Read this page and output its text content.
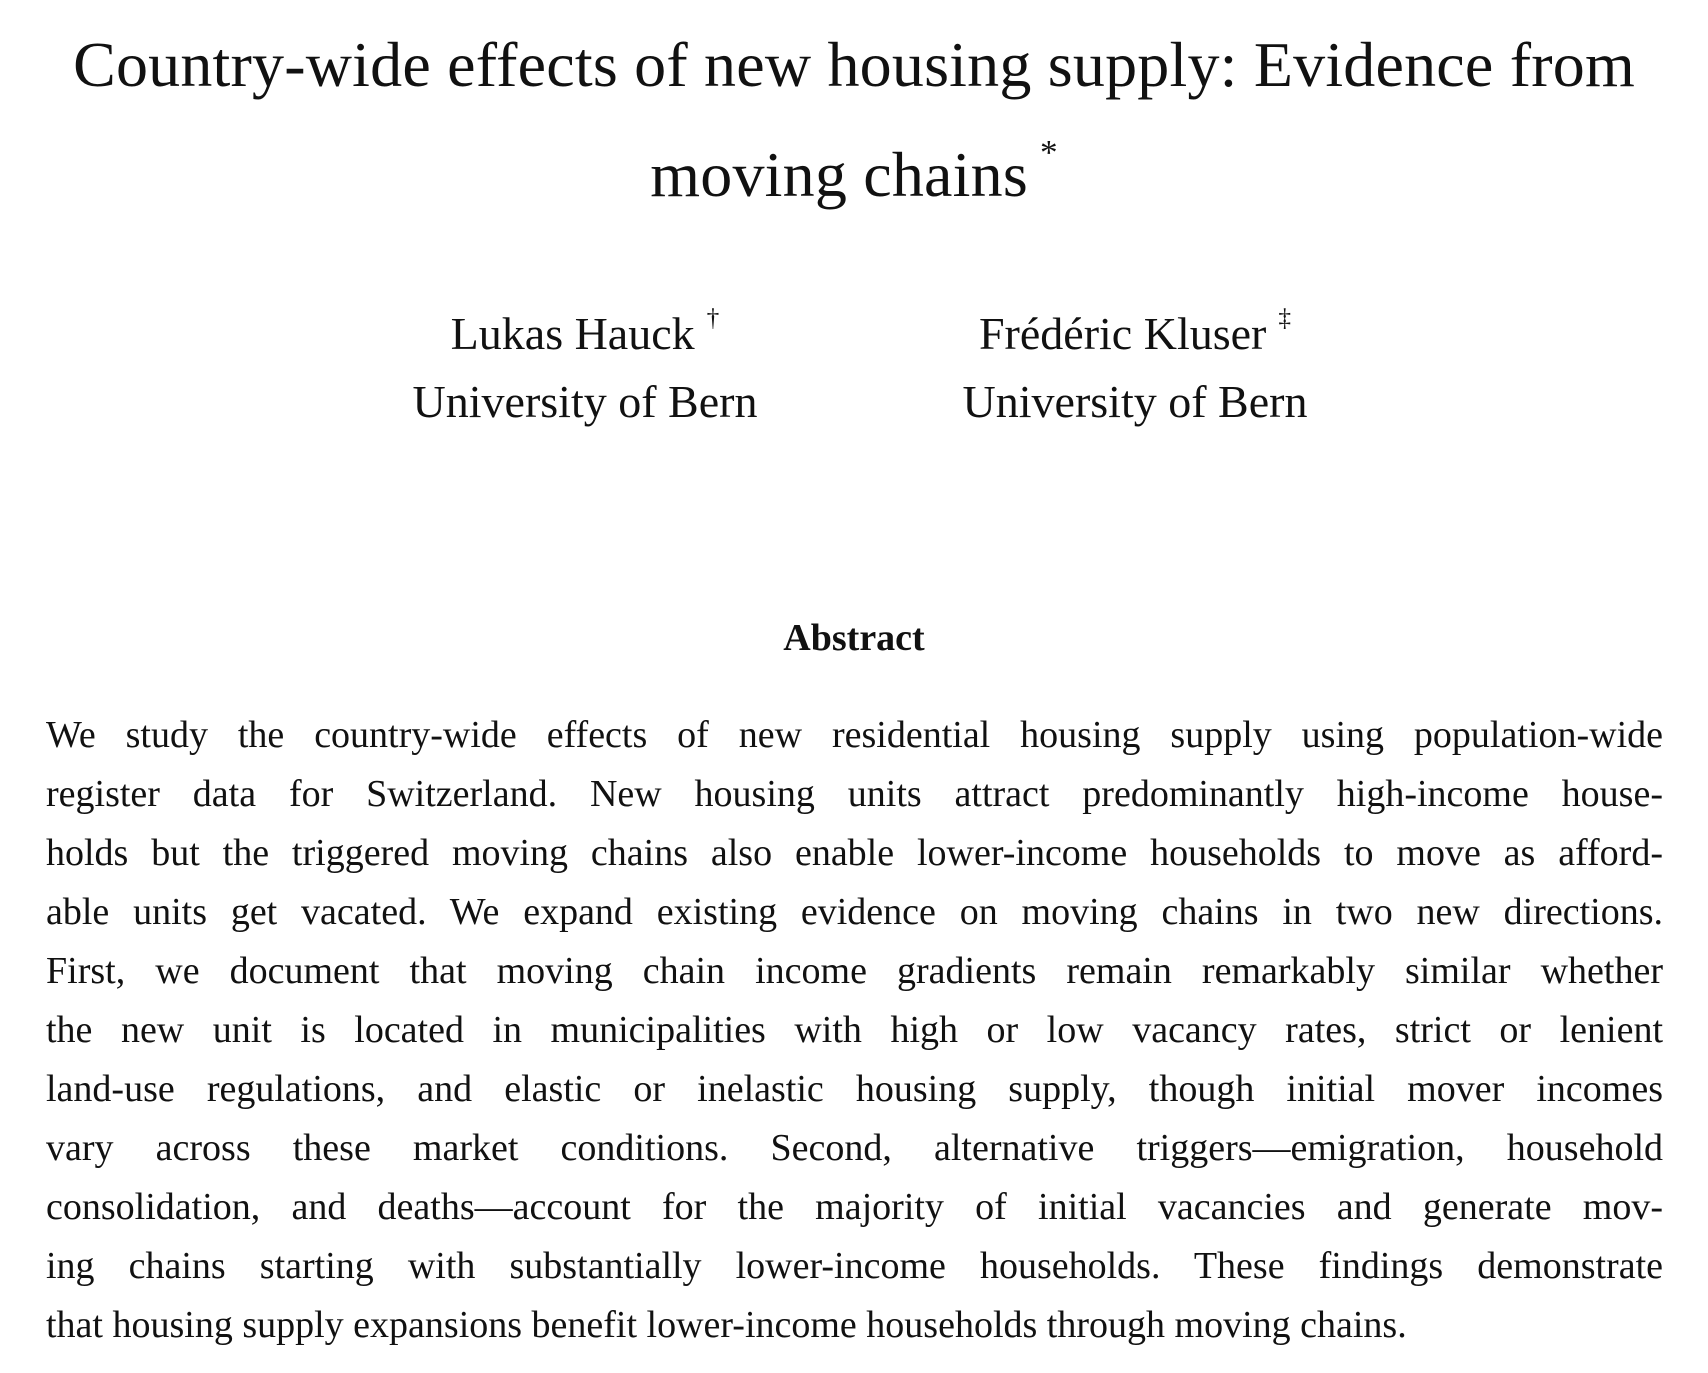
Country-wide effects of new housing supply: Evidence from
moving chains *
Lukas Hauck †
University of Bern
Frédéric Kluser ‡
University of Bern
Abstract
We study the country-wide effects of new residential housing supply using population-wide
register data for Switzerland. New housing units attract predominantly high-income house-
holds but the triggered moving chains also enable lower-income households to move as afford-
able units get vacated. We expand existing evidence on moving chains in two new directions.
First, we document that moving chain income gradients remain remarkably similar whether
the new unit is located in municipalities with high or low vacancy rates, strict or lenient
land-use regulations, and elastic or inelastic housing supply, though initial mover incomes
vary across these market conditions. Second, alternative triggers—emigration, household
consolidation, and deaths—account for the majority of initial vacancies and generate mov-
ing chains starting with substantially lower-income households. These findings demonstrate
that housing supply expansions benefit lower-income households through moving chains.
